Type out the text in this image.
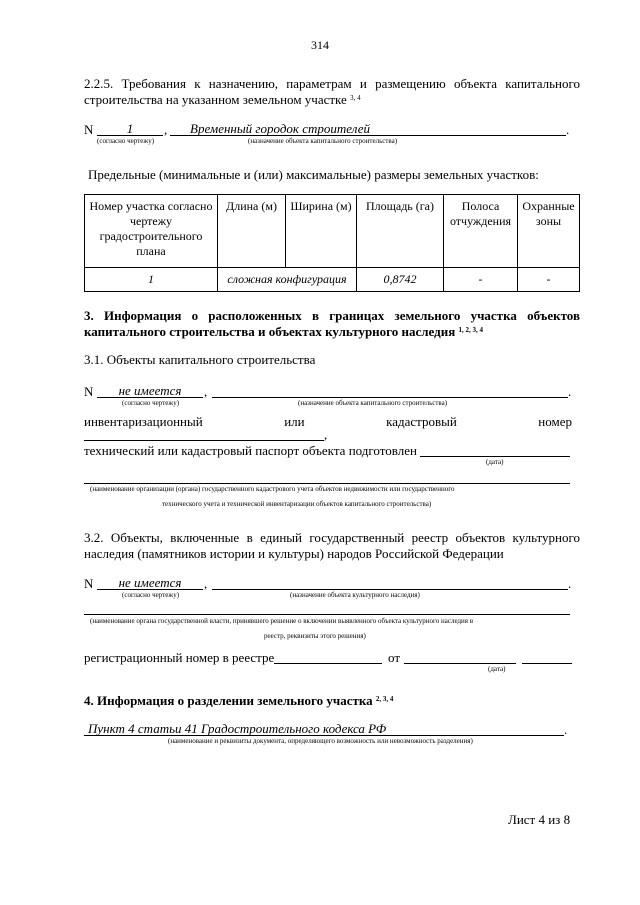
314
2.2.5. Требования к назначению, параметрам и размещению объекта капитального строительства на указанном земельном участке $^{3, 4}$
N	1	,	Временный городок строителей	.
(согласно чертежу)	(назначение объекта капитального строительства)
Предельные (минимальные и (или) максимальные) размеры земельных участков:
Номер участка согласно чертежу градостроительного плана	Длина (м)	Ширина (м)	Площадь (га)	Полоса отчуждения	Охранные зоны
1	сложная конфигурация		0,8742	-	-
3. Информация о расположенных в границах земельного участка объектов капитального строительства и объектах культурного наследия $^{1, 2, 3, 4}$
3.1. Объекты капитального строительства
N	не имеется	,	.
(согласно чертежу)	(назначение объекта капитального строительства)
инвентаризационный	или	кадастровый	номер
,
технический или кадастровый паспорт объекта подготовлен
(дата)
(наименование организации (органа) государственного кадастрового учета объектов недвижимости или государственного
технического учета и технической инвентаризации объектов капитального строительства)
3.2. Объекты, включенные в единый государственный реестр объектов культурного наследия (памятников истории и культуры) народов Российской Федерации
N	не имеется	,	.
(согласно чертежу)	(назначение объекта культурного наследия)
(наименование органа государственной власти, принявшего решение о включении выявленного объекта культурного наследия в
реестр, реквизиты этого решения)
регистрационный номер в реестре	от
(дата)
4. Информация о разделении земельного участка $^{2, 3, 4}$
Пункт 4 статьи 41 Градостроительного кодекса РФ	.
(наименование и реквизиты документа, определяющего возможность или невозможность разделения)
Лист 4 из 8
